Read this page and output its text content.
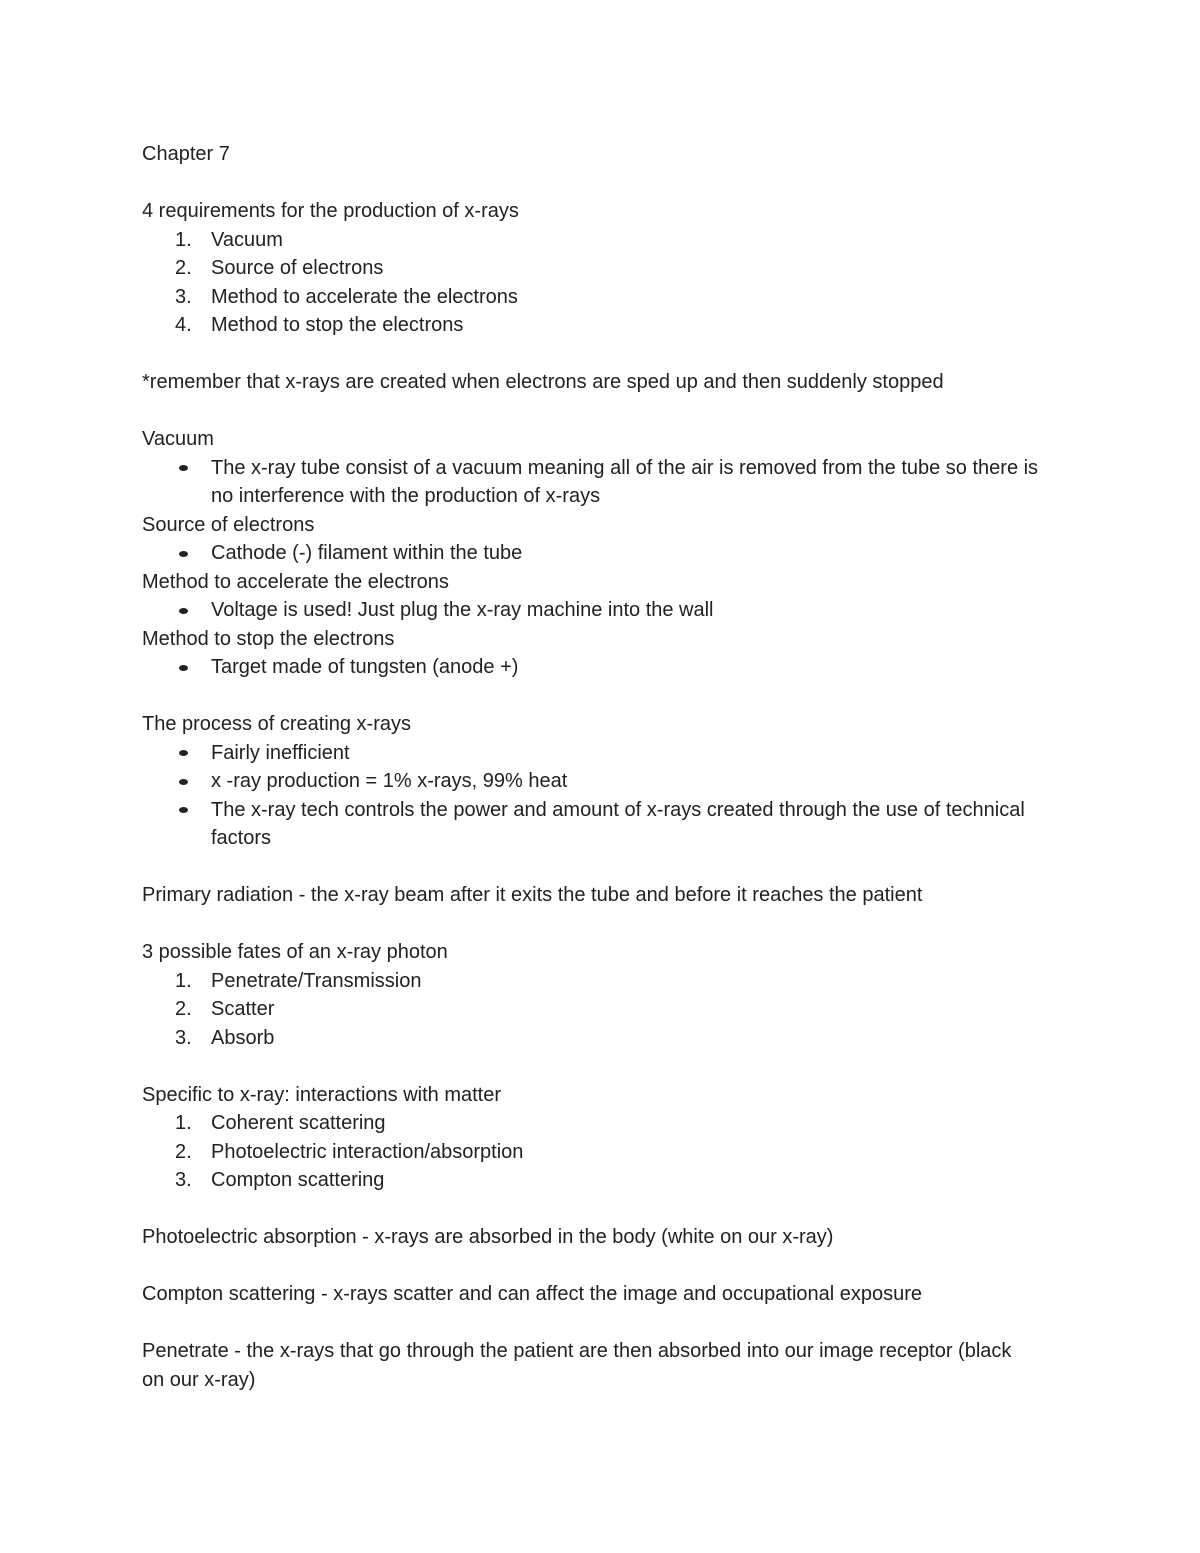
Chapter 7
4 requirements for the production of x-rays
1. Vacuum
2. Source of electrons
3. Method to accelerate the electrons
4. Method to stop the electrons
*remember that x-rays are created when electrons are sped up and then suddenly stopped
Vacuum
The x-ray tube consist of a vacuum meaning all of the air is removed from the tube so there is no interference with the production of x-rays
Source of electrons
Cathode (-) filament within the tube
Method to accelerate the electrons
Voltage is used! Just plug the x-ray machine into the wall
Method to stop the electrons
Target made of tungsten (anode +)
The process of creating x-rays
Fairly inefficient
x -ray production = 1% x-rays, 99% heat
The x-ray tech controls the power and amount of x-rays created through the use of technical factors
Primary radiation - the x-ray beam after it exits the tube and before it reaches the patient
3 possible fates of an x-ray photon
1. Penetrate/Transmission
2. Scatter
3. Absorb
Specific to x-ray: interactions with matter
1. Coherent scattering
2. Photoelectric interaction/absorption
3. Compton scattering
Photoelectric absorption - x-rays are absorbed in the body (white on our x-ray)
Compton scattering - x-rays scatter and can affect the image and occupational exposure
Penetrate - the x-rays that go through the patient are then absorbed into our image receptor (black on our x-ray)
